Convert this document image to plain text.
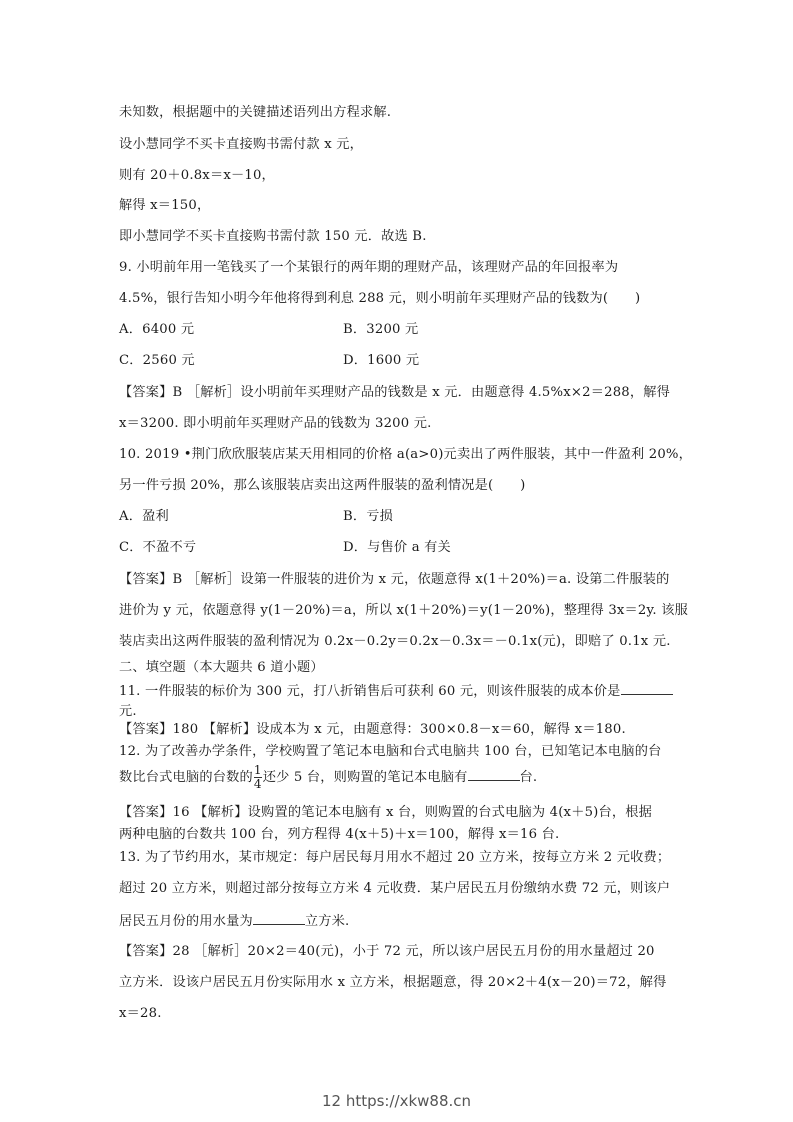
未知数，根据题中的关键描述语列出方程求解.
设小慧同学不买卡直接购书需付款 x 元，
则有 20＋0.8x＝x－10，
解得 x＝150，
即小慧同学不买卡直接购书需付款 150 元．故选 B.
9. 小明前年用一笔钱买了一个某银行的两年期的理财产品，该理财产品的年回报率为
4.5%，银行告知小明今年他将得到利息 288 元，则小明前年买理财产品的钱数为(　　)
A．6400 元	B．3200 元
C．2560 元	D．1600 元
【答案】B ［解析］设小明前年买理财产品的钱数是 x 元．由题意得 4.5%x×2＝288，解得
x＝3200. 即小明前年买理财产品的钱数为 3200 元.
10. 2019 •荆门欣欣服装店某天用相同的价格 a(a>0)元卖出了两件服装，其中一件盈利 20%，
另一件亏损 20%，那么该服装店卖出这两件服装的盈利情况是(　　)
A．盈利	B．亏损
C．不盈不亏	D．与售价 a 有关
【答案】B ［解析］设第一件服装的进价为 x 元，依题意得 x(1＋20%)＝a. 设第二件服装的
进价为 y 元，依题意得 y(1－20%)＝a，所以 x(1＋20%)＝y(1－20%)，整理得 3x＝2y. 该服
装店卖出这两件服装的盈利情况为 0.2x－0.2y＝0.2x－0.3x＝－0.1x(元)，即赔了 0.1x 元.
二、填空题（本大题共 6 道小题）
11. 一件服装的标价为 300 元，打八折销售后可获利 60 元，则该件服装的成本价是
元.
【答案】180 【解析】设成本为 x 元，由题意得：300×0.8－x＝60，解得 x＝180.
12. 为了改善办学条件，学校购置了笔记本电脑和台式电脑共 100 台，已知笔记本电脑的台
数比台式电脑的台数的 $\frac{1}{4}$ 还少 5 台，则购置的笔记本电脑有	台.
【答案】16 【解析】设购置的笔记本电脑有 x 台，则购置的台式电脑为 4(x＋5)台，根据
两种电脑的台数共 100 台，列方程得 4(x＋5)＋x＝100，解得 x＝16 台.
13. 为了节约用水，某市规定：每户居民每月用水不超过 20 立方米，按每立方米 2 元收费；
超过 20 立方米，则超过部分按每立方米 4 元收费．某户居民五月份缴纳水费 72 元，则该户
居民五月份的用水量为	立方米.
【答案】28 ［解析］20×2＝40(元)，小于 72 元，所以该户居民五月份的用水量超过 20
立方米．设该户居民五月份实际用水 x 立方米，根据题意，得 20×2＋4(x－20)＝72，解得
x＝28.
12 https://xkw88.cn
